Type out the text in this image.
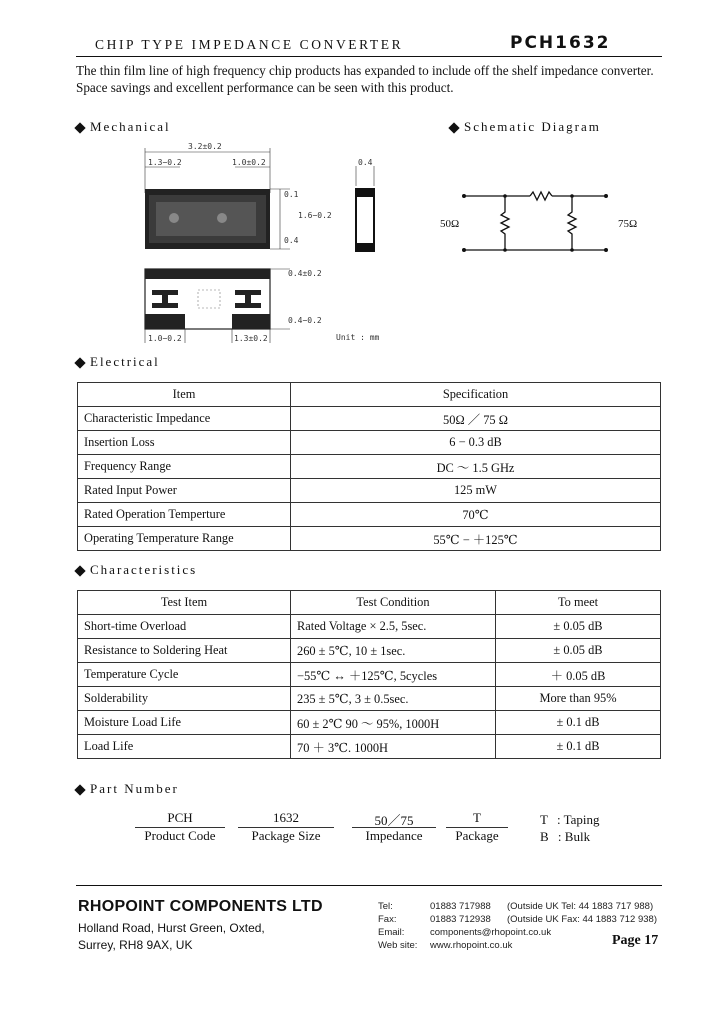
CHIP TYPE IMPEDANCE CONVERTER	PCH1632
The thin film line of high frequency chip products has expanded to include off the shelf impedance converter. Space savings and excellent performance can be seen with this product.
Mechanical	Schematic Diagram
3.2±0.2
1.3−0.2	1.0±0.2	0.4
0.1
1.6−0.2
0.4
0.4±0.2
0.4−0.2
1.0−0.2	1.3±0.2	Unit : mm
50Ω	75Ω
Electrical
Item	Specification
Characteristic Impedance	50Ω ／ 75 Ω
Insertion Loss	6 − 0.3 dB
Frequency Range	DC ～ 1.5 GHz
Rated Input Power	125 mW
Rated Operation Temperture	70℃
Operating Temperature Range	55℃ − ＋125℃
Characteristics
Test Item	Test Condition	To meet
Short-time Overload	Rated Voltage × 2.5, 5sec.	± 0.05 dB
Resistance to Soldering Heat	260 ± 5℃, 10 ± 1sec.	± 0.05 dB
Temperature Cycle	−55℃ ↔ ＋125℃, 5cycles	＋ 0.05 dB
Solderability	235 ± 5℃, 3 ± 0.5sec.	More than 95%
Moisture Load Life	60 ± 2℃ 90 ～ 95%, 1000H	± 0.1 dB
Load Life	70 ＋ 3℃. 1000H	± 0.1 dB
Part Number
PCH
Product Code
1632
Package Size
50／75
Impedance
T
Package
T : Taping
B : Bulk
RHOPOINT COMPONENTS LTD
Holland Road, Hurst Green, Oxted,
Surrey, RH8 9AX, UK
Tel:	01883 717988 (Outside UK Tel: 44 1883 717 988)
Fax:	01883 712938 (Outside UK Fax: 44 1883 712 938)
Email:	components@rhopoint.co.uk
Web site: www.rhopoint.co.uk	Page 17
